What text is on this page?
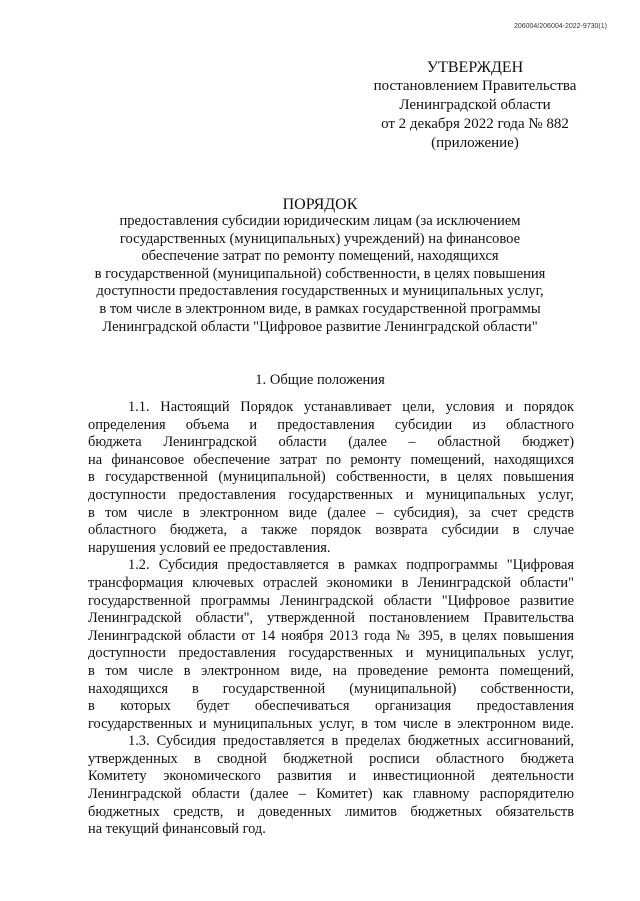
206004/206004-2022-9730(1)
УТВЕРЖДЕН
постановлением Правительства
Ленинградской области
от 2 декабря 2022 года № 882
(приложение)
ПОРЯДОК
предоставления субсидии юридическим лицам (за исключением
государственных (муниципальных) учреждений) на финансовое
обеспечение затрат по ремонту помещений, находящихся
в государственной (муниципальной) собственности, в целях повышения
доступности предоставления государственных и муниципальных услуг,
в том числе в электронном виде, в рамках государственной программы
Ленинградской области "Цифровое развитие Ленинградской области"
1. Общие положения
1.1. Настоящий Порядок устанавливает цели, условия и порядок
определения объема и предоставления субсидии из областного
бюджета Ленинградской области (далее – областной бюджет)
на финансовое обеспечение затрат по ремонту помещений, находящихся
в государственной (муниципальной) собственности, в целях повышения
доступности предоставления государственных и муниципальных услуг,
в том числе в электронном виде (далее – субсидия), за счет средств
областного бюджета, а также порядок возврата субсидии в случае
нарушения условий ее предоставления.
1.2. Субсидия предоставляется в рамках подпрограммы "Цифровая
трансформация ключевых отраслей экономики в Ленинградской области"
государственной программы Ленинградской области "Цифровое развитие
Ленинградской области", утвержденной постановлением Правительства
Ленинградской области от 14 ноября 2013 года № 395, в целях повышения
доступности предоставления государственных и муниципальных услуг,
в том числе в электронном виде, на проведение ремонта помещений,
находящихся в государственной (муниципальной) собственности,
в которых будет обеспечиваться организация предоставления
государственных и муниципальных услуг, в том числе в электронном виде.
1.3. Субсидия предоставляется в пределах бюджетных ассигнований,
утвержденных в сводной бюджетной росписи областного бюджета
Комитету экономического развития и инвестиционной деятельности
Ленинградской области (далее – Комитет) как главному распорядителю
бюджетных средств, и доведенных лимитов бюджетных обязательств
на текущий финансовый год.
